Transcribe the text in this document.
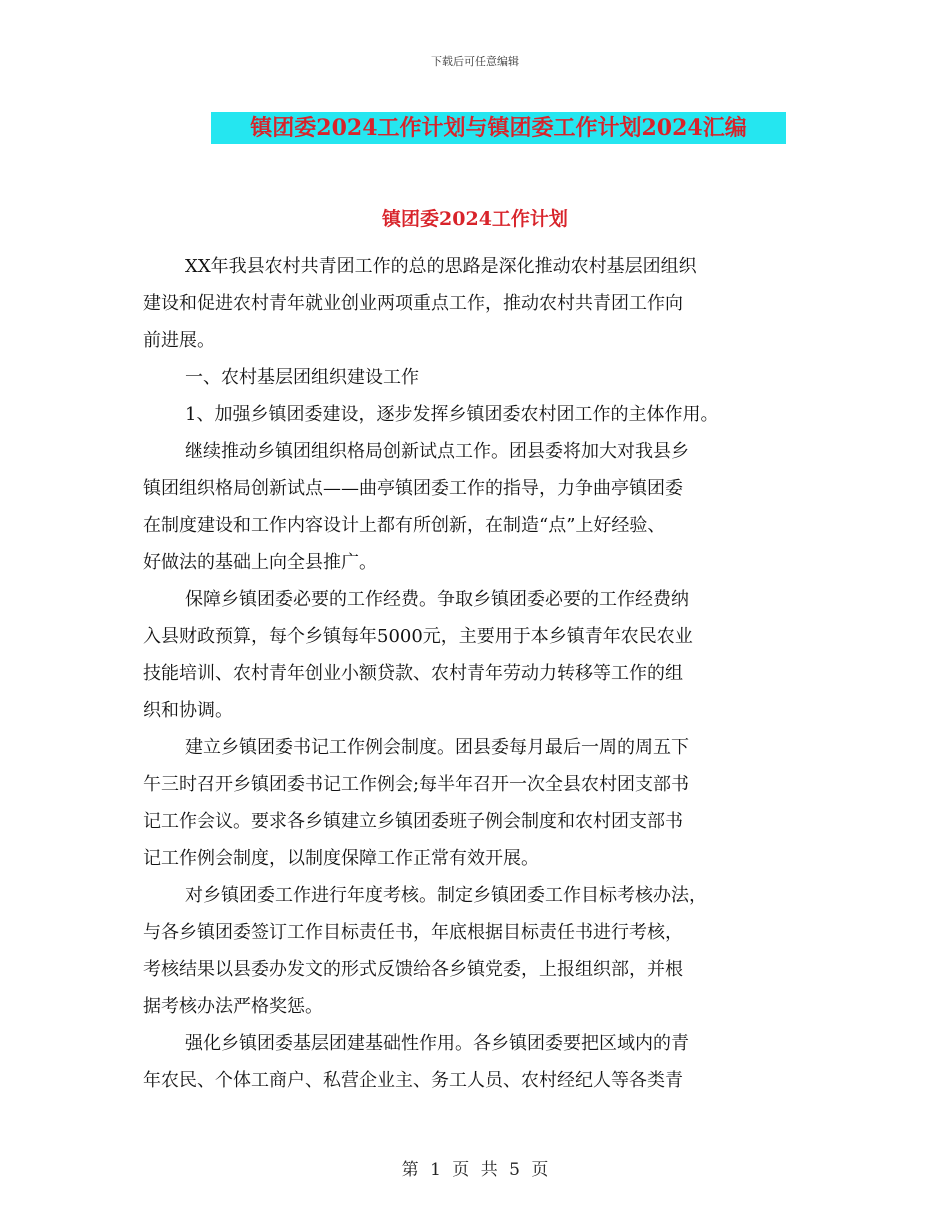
下载后可任意编辑
镇团委2024工作计划与镇团委工作计划2024汇编
镇团委2024工作计划

XX年我县农村共青团工作的总的思路是深化推动农村基层团组织

建设和促进农村青年就业创业两项重点工作，推动农村共青团工作向

前进展。

一、农村基层团组织建设工作

1、加强乡镇团委建设，逐步发挥乡镇团委农村团工作的主体作用。

继续推动乡镇团组织格局创新试点工作。团县委将加大对我县乡

镇团组织格局创新试点——曲亭镇团委工作的指导，力争曲亭镇团委

在制度建设和工作内容设计上都有所创新，在制造“点”上好经验、

好做法的基础上向全县推广。

保障乡镇团委必要的工作经费。争取乡镇团委必要的工作经费纳

入县财政预算，每个乡镇每年5000元，主要用于本乡镇青年农民农业

技能培训、农村青年创业小额贷款、农村青年劳动力转移等工作的组

织和协调。

建立乡镇团委书记工作例会制度。团县委每月最后一周的周五下

午三时召开乡镇团委书记工作例会;每半年召开一次全县农村团支部书

记工作会议。要求各乡镇建立乡镇团委班子例会制度和农村团支部书

记工作例会制度，以制度保障工作正常有效开展。

对乡镇团委工作进行年度考核。制定乡镇团委工作目标考核办法，

与各乡镇团委签订工作目标责任书，年底根据目标责任书进行考核，

考核结果以县委办发文的形式反馈给各乡镇党委，上报组织部，并根

据考核办法严格奖惩。

强化乡镇团委基层团建基础性作用。各乡镇团委要把区域内的青

年农民、个体工商户、私营企业主、务工人员、农村经纪人等各类青

第 1 页 共 5 页
